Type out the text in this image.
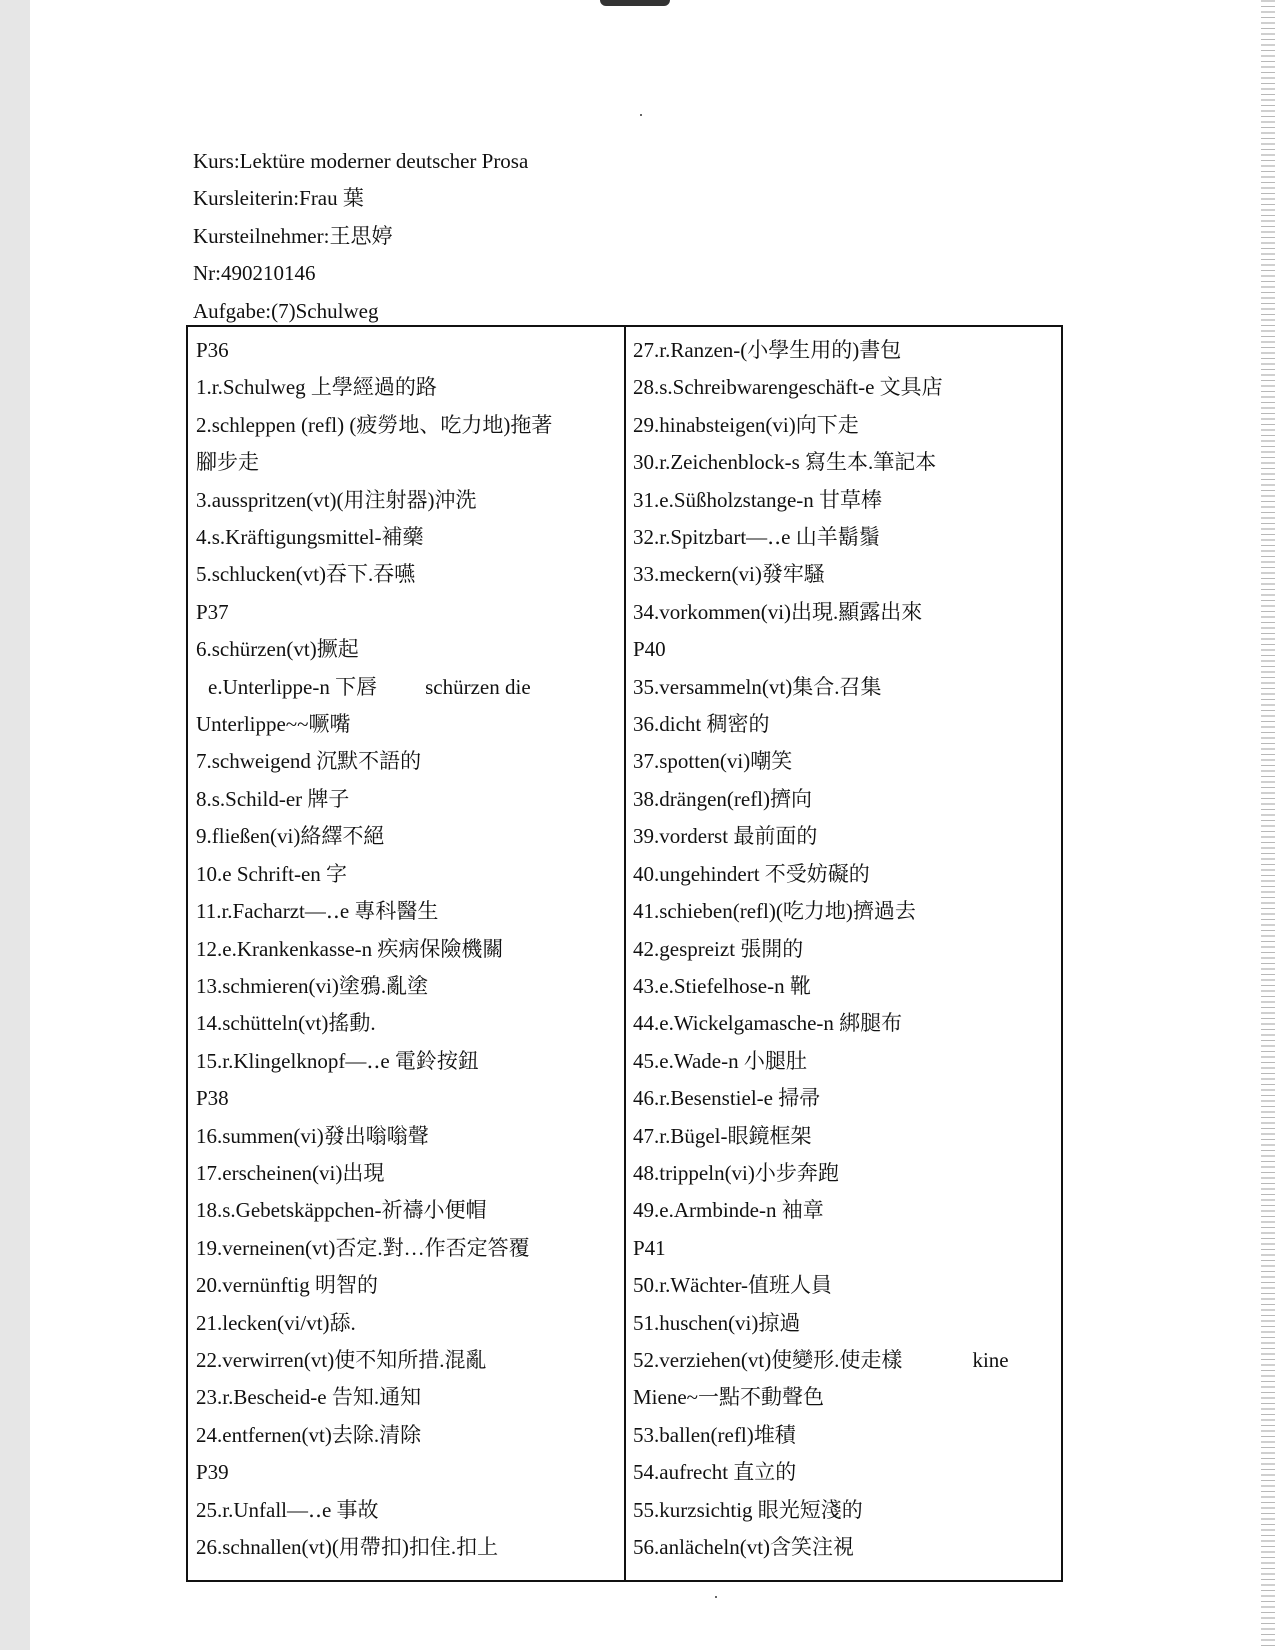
Kurs:Lektüre moderner deutscher Prosa
Kursleiterin:Frau 葉
Kursteilnehmer:王思婷
Nr:490210146
Aufgabe:(7)Schulweg
P36
1.r.Schulweg 上學經過的路
2.schleppen (refl) (疲勞地、吃力地)拖著
腳步走
3.ausspritzen(vt)(用注射器)沖洗
4.s.Kräftigungsmittel-補藥
5.schlucken(vt)吞下.吞嚥
P37
6.schürzen(vt)撅起
e.Unterlippe-n 下唇 schürzen die
Unterlippe~~噘嘴
7.schweigend 沉默不語的
8.s.Schild-er 牌子
9.fließen(vi)絡繹不絕
10.e Schrift-en 字
11.r.Facharzt—‥e 專科醫生
12.e.Krankenkasse-n 疾病保險機關
13.schmieren(vi)塗鴉.亂塗
14.schütteln(vt)搖動.
15.r.Klingelknopf—‥e 電鈴按鈕
P38
16.summen(vi)發出嗡嗡聲
17.erscheinen(vi)出現
18.s.Gebetskäppchen-祈禱小便帽
19.verneinen(vt)否定.對…作否定答覆
20.vernünftig 明智的
21.lecken(vi/vt)舔.
22.verwirren(vt)使不知所措.混亂
23.r.Bescheid-e 告知.通知
24.entfernen(vt)去除.清除
P39
25.r.Unfall—‥e 事故
26.schnallen(vt)(用帶扣)扣住.扣上
27.r.Ranzen-(小學生用的)書包
28.s.Schreibwarengeschäft-e 文具店
29.hinabsteigen(vi)向下走
30.r.Zeichenblock-s 寫生本.筆記本
31.e.Süßholzstange-n 甘草棒
32.r.Spitzbart—‥e 山羊鬍鬚
33.meckern(vi)發牢騷
34.vorkommen(vi)出現.顯露出來
P40
35.versammeln(vt)集合.召集
36.dicht 稠密的
37.spotten(vi)嘲笑
38.drängen(refl)擠向
39.vorderst 最前面的
40.ungehindert 不受妨礙的
41.schieben(refl)(吃力地)擠過去
42.gespreizt 張開的
43.e.Stiefelhose-n 靴
44.e.Wickelgamasche-n 綁腿布
45.e.Wade-n 小腿肚
46.r.Besenstiel-e 掃帚
47.r.Bügel-眼鏡框架
48.trippeln(vi)小步奔跑
49.e.Armbinde-n 袖章
P41
50.r.Wächter-值班人員
51.huschen(vi)掠過
52.verziehen(vt)使變形.使走樣	kine
Miene~一點不動聲色
53.ballen(refl)堆積
54.aufrecht 直立的
55.kurzsichtig 眼光短淺的
56.anlächeln(vt)含笑注視
